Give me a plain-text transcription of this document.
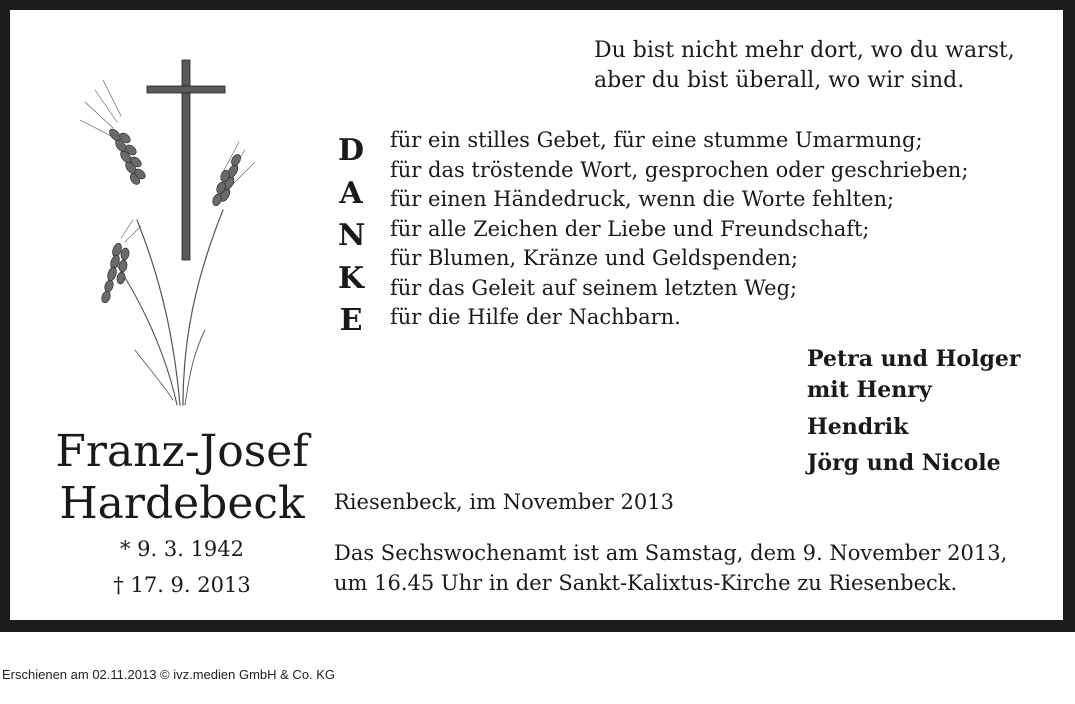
Franz-Josef
Hardebeck
* 9. 3. 1942
† 17. 9. 2013
Du bist nicht mehr dort, wo du warst,
aber du bist überall, wo wir sind.
D
A
N
K
E
für ein stilles Gebet, für eine stumme Umarmung;
für das tröstende Wort, gesprochen oder geschrieben;
für einen Händedruck, wenn die Worte fehlten;
für alle Zeichen der Liebe und Freundschaft;
für Blumen, Kränze und Geldspenden;
für das Geleit auf seinem letzten Weg;
für die Hilfe der Nachbarn.
Petra und Holger
mit Henry
Hendrik
Jörg und Nicole
Riesenbeck, im November 2013
Das Sechswochenamt ist am Samstag, dem 9. November 2013,
um 16.45 Uhr in der Sankt-Kalixtus-Kirche zu Riesenbeck.
Erschienen am 02.11.2013 © ivz.medien GmbH & Co. KG
